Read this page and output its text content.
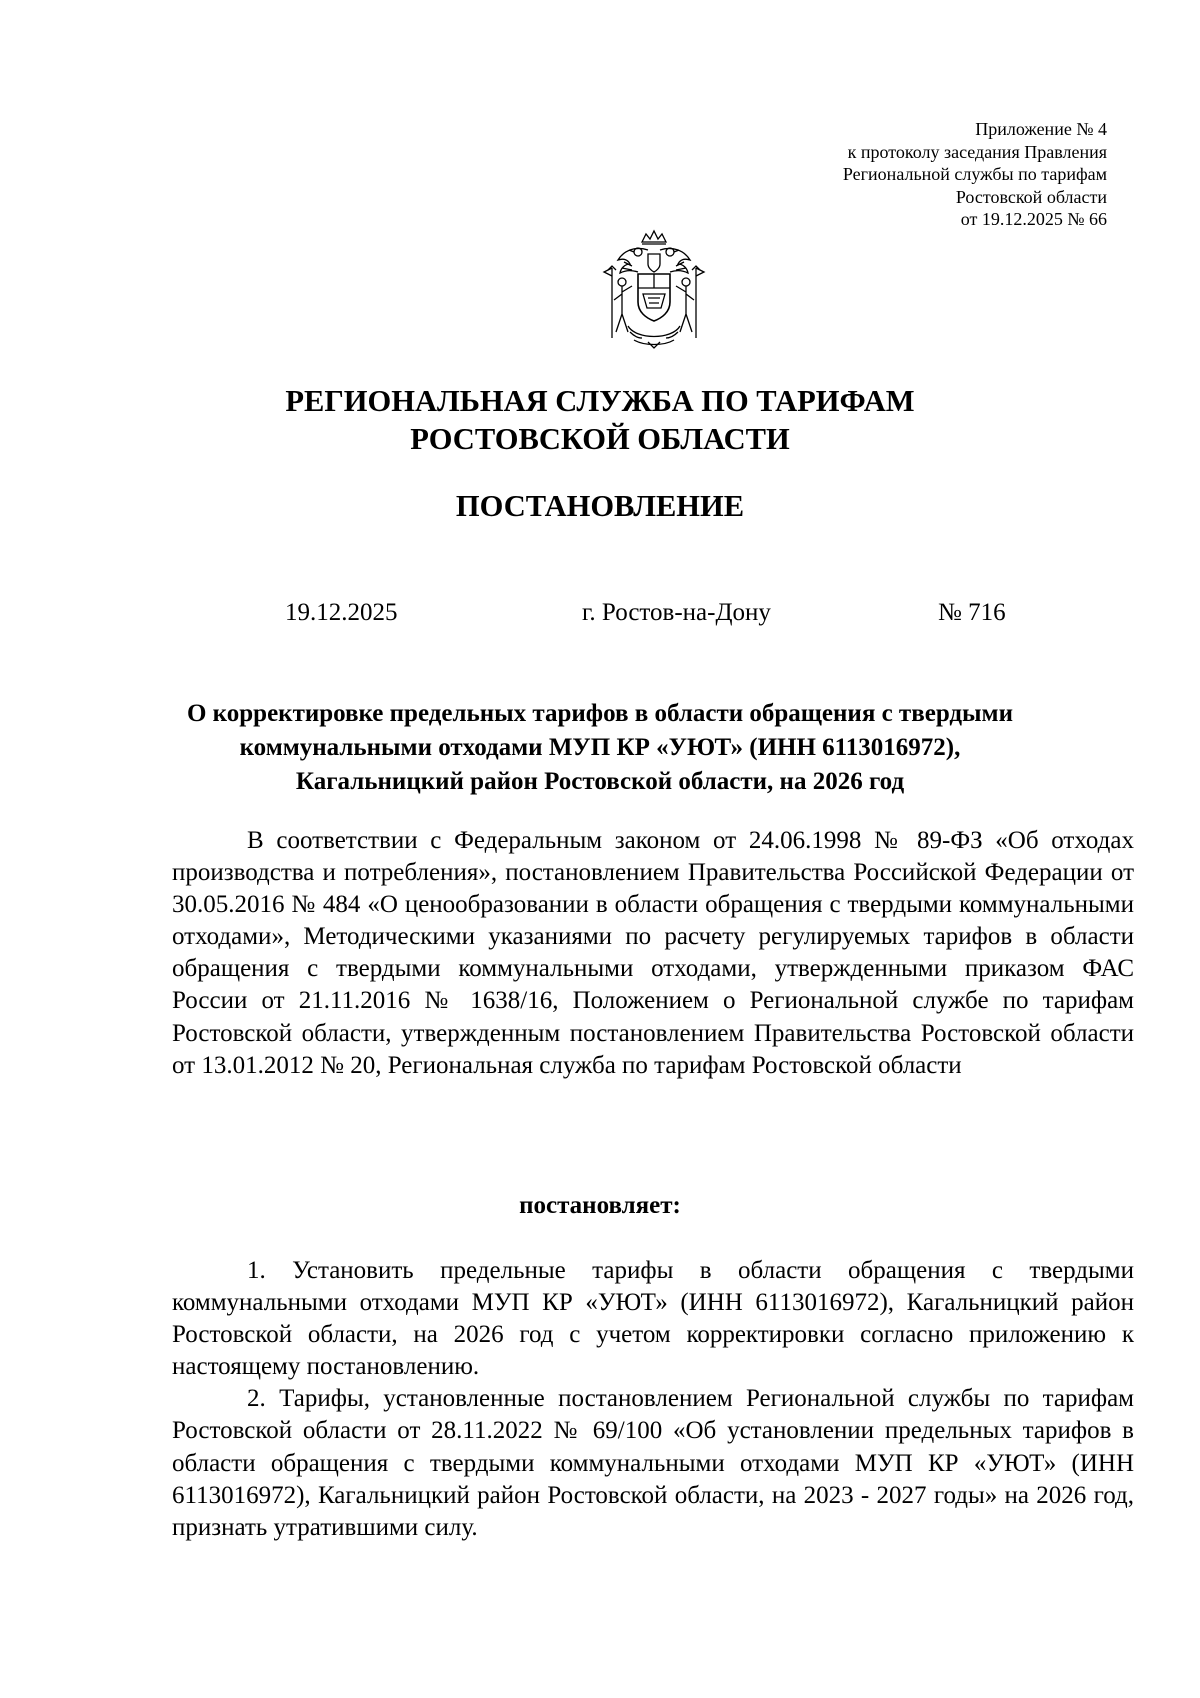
Приложение № 4
к протоколу заседания Правления
Региональной службы по тарифам
Ростовской области
от 19.12.2025 № 66
РЕГИОНАЛЬНАЯ СЛУЖБА ПО ТАРИФАМ
РОСТОВСКОЙ ОБЛАСТИ
ПОСТАНОВЛЕНИЕ
19.12.2025	г. Ростов-на-Дону	№ 716
О корректировке предельных тарифов в области обращения с твердыми
коммунальными отходами МУП КР «УЮТ» (ИНН 6113016972),
Кагальницкий район Ростовской области, на 2026 год

В соответствии с Федеральным законом от 24.06.1998 № 89-ФЗ «Об отходах производства и потребления», постановлением Правительства Российской Федерации от 30.05.2016 № 484 «О ценообразовании в области обращения с твердыми коммунальными отходами», Методическими указаниями по расчету регулируемых тарифов в области обращения с твердыми коммунальными отходами, утвержденными приказом ФАС России от 21.11.2016 № 1638/16, Положением о Региональной службе по тарифам Ростовской области, утвержденным постановлением Правительства Ростовской области от 13.01.2012 № 20, Региональная служба по тарифам Ростовской области

постановляет:

1. Установить предельные тарифы в области обращения с твердыми коммунальными отходами МУП КР «УЮТ» (ИНН 6113016972), Кагальницкий район Ростовской области, на 2026 год с учетом корректировки согласно приложению к настоящему постановлению.

2. Тарифы, установленные постановлением Региональной службы по тарифам Ростовской области от 28.11.2022 № 69/100 «Об установлении предельных тарифов в области обращения с твердыми коммунальными отходами МУП КР «УЮТ» (ИНН 6113016972), Кагальницкий район Ростовской области, на 2023 - 2027 годы» на 2026 год, признать утратившими силу.
